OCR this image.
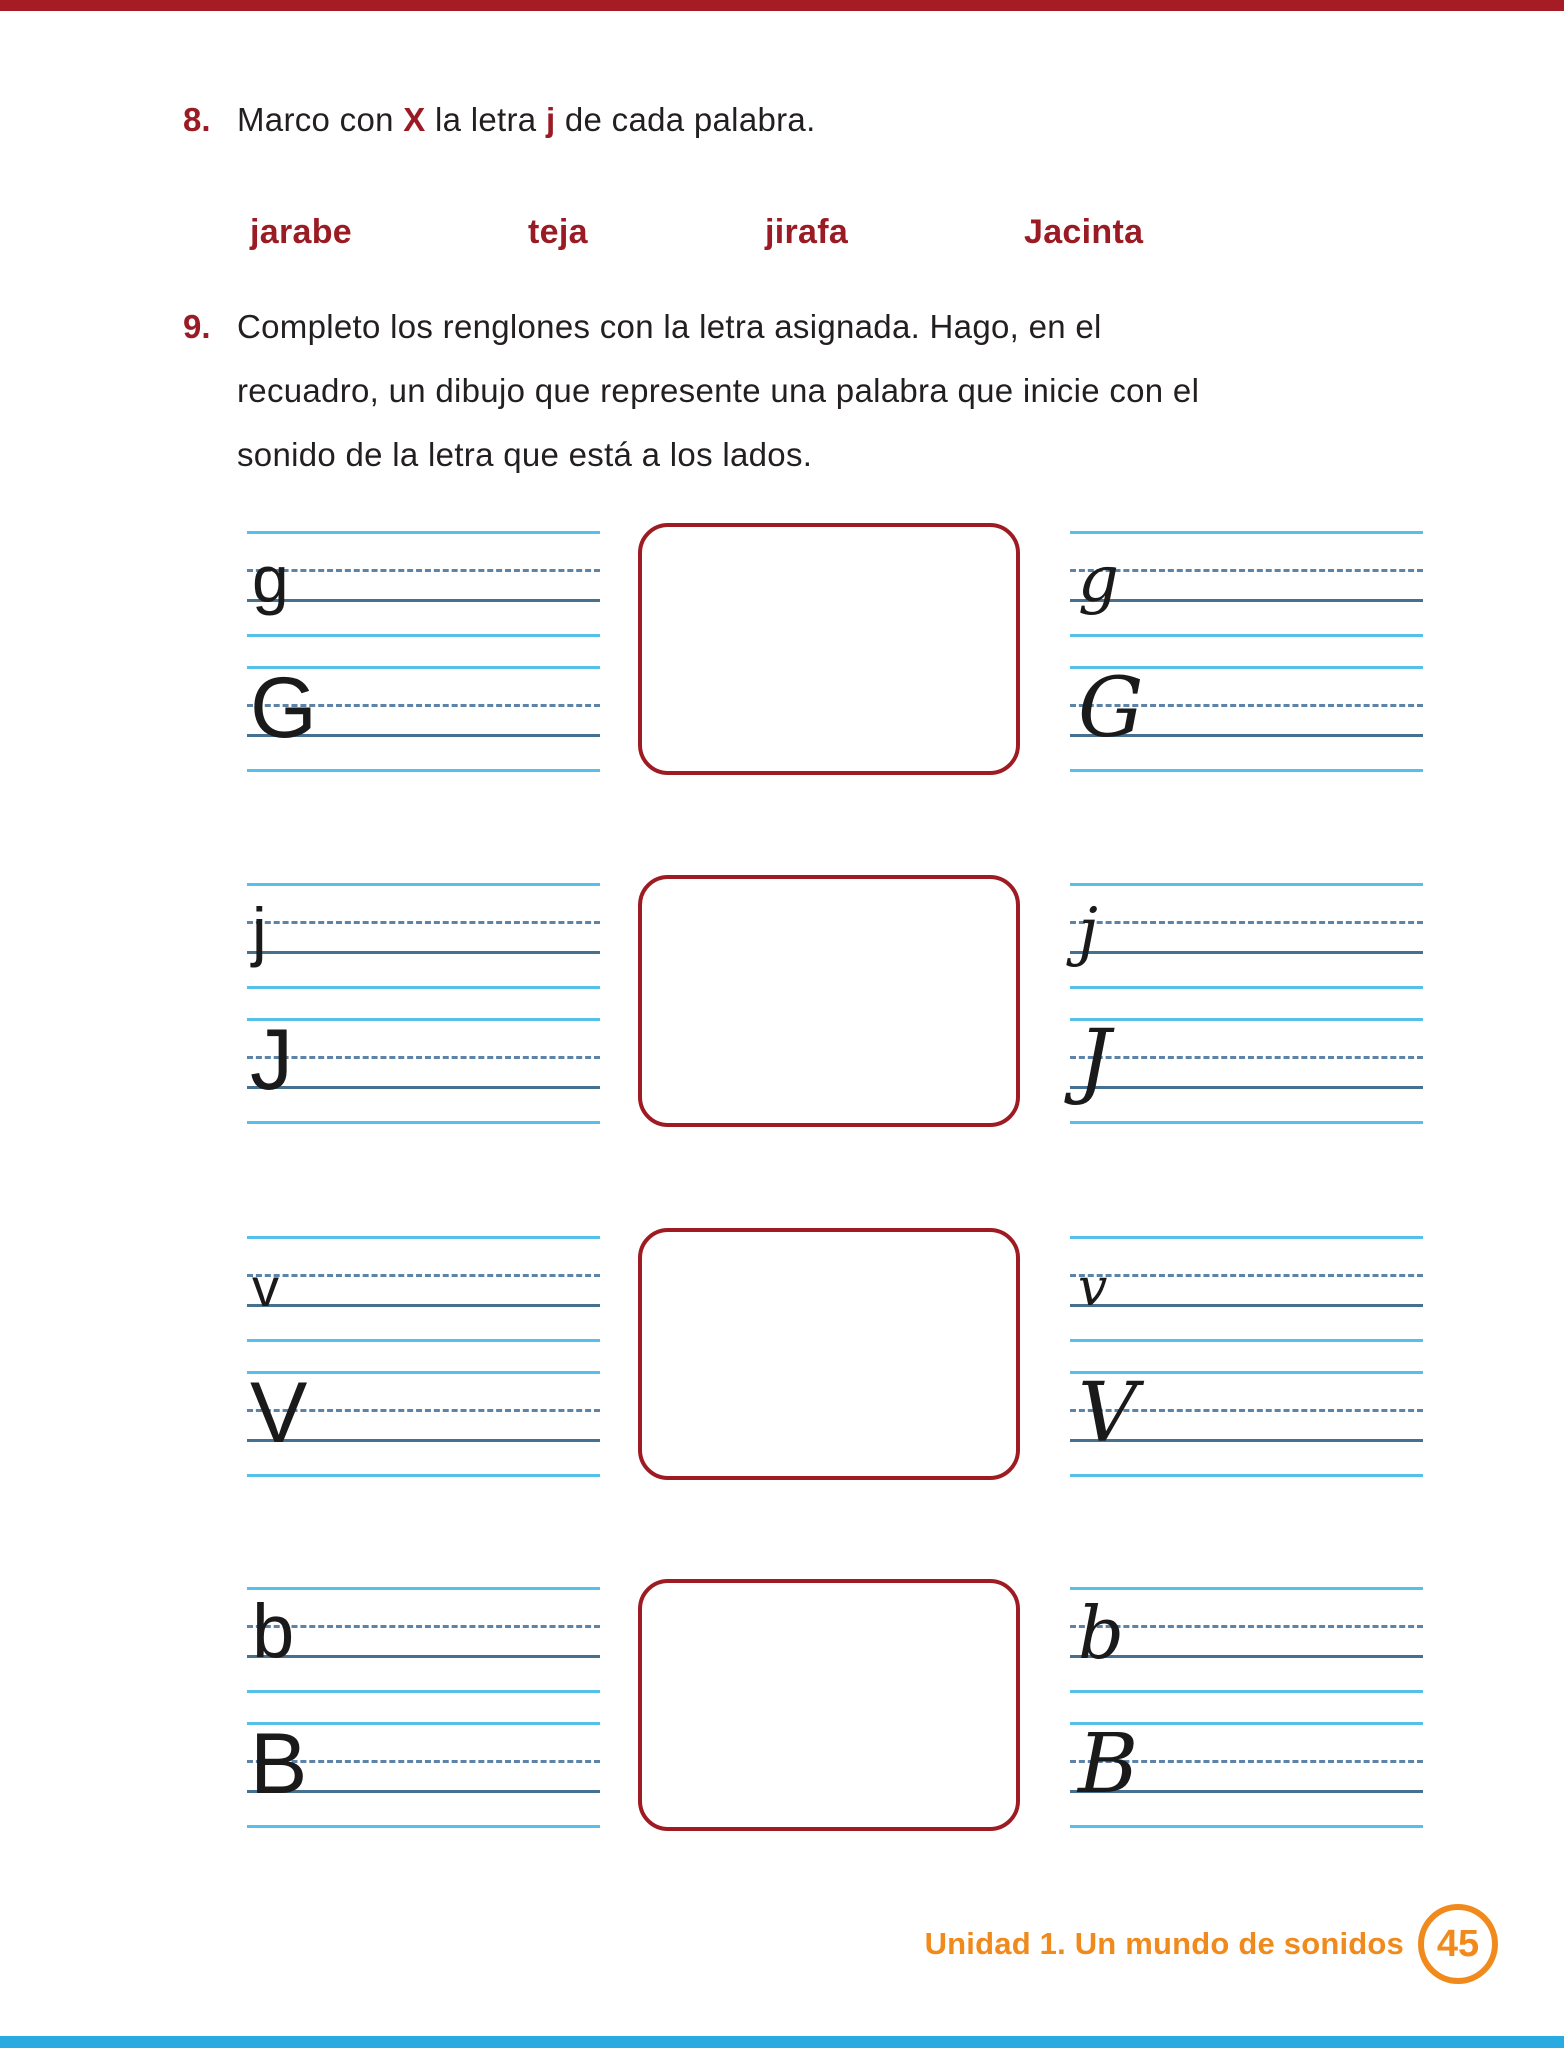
8. Marco con X la letra j de cada palabra.
jarabe	teja	jirafa	Jacinta
9. Completo los renglones con la letra asignada. Hago, en el
recuadro, un dibujo que represente una palabra que inicie con el
sonido de la letra que está a los lados.
g
G
g
G
j
J
j
J
v
V
v
V
b
B
b
B
Unidad 1. Un mundo de sonidos 45
